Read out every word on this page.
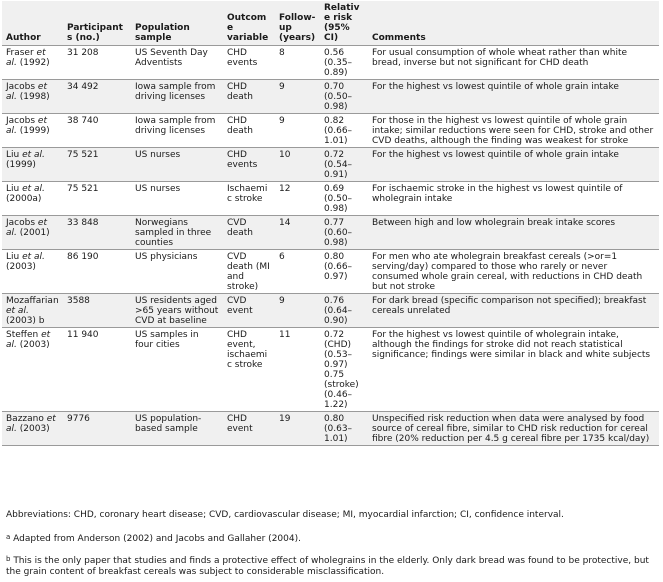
Author	Participants (no.)	Population sample	Outcome variable	Follow-up (years)	Relative risk (95% CI)	Comments
Fraser et al. (1992)	31 208	US Seventh Day Adventists	CHD events	8	0.56 (0.35–0.89)	For usual consumption of whole wheat rather than white bread, inverse but not significant for CHD death
Jacobs et al. (1998)	34 492	Iowa sample from driving licenses	CHD death	9	0.70 (0.50–0.98)	For the highest vs lowest quintile of whole grain intake
Jacobs et al. (1999)	38 740	Iowa sample from driving licenses	CHD death	9	0.82 (0.66–1.01)	For those in the highest vs lowest quintile of whole grain intake; similar reductions were seen for CHD, stroke and other CVD deaths, although the finding was weakest for stroke
Liu et al. (1999)	75 521	US nurses	CHD events	10	0.72 (0.54–0.91)	For the highest vs lowest quintile of whole grain intake
Liu et al. (2000a)	75 521	US nurses	Ischaemic stroke	12	0.69 (0.50–0.98)	For ischaemic stroke in the highest vs lowest quintile of wholegrain intake
Jacobs et al. (2001)	33 848	Norwegians sampled in three counties	CVD death	14	0.77 (0.60–0.98)	Between high and low wholegrain break intake scores
Liu et al. (2003)	86 190	US physicians	CVD death (MI and stroke)	6	0.80 (0.66–0.97)	For men who ate wholegrain breakfast cereals (>or=1 serving/day) compared to those who rarely or never consumed whole grain cereal, with reductions in CHD death but not stroke
Mozaffarian et al. (2003) b	3588	US residents aged >65 years without CVD at baseline	CVD event	9	0.76 (0.64–0.90)	For dark bread (specific comparison not specified); breakfast cereals unrelated
Steffen et al. (2003)	11 940	US samples in four cities	CHD event, ischaemic stroke	11	0.72 (CHD) (0.53–0.97) 0.75 (stroke) (0.46–1.22)	For the highest vs lowest quintile of wholegrain intake, although the findings for stroke did not reach statistical significance; findings were similar in black and white subjects
Bazzano et al. (2003)	9776	US population-based sample	CHD event	19	0.80 (0.63–1.01)	Unspecified risk reduction when data were analysed by food source of cereal fibre, similar to CHD risk reduction for cereal fibre (20% reduction per 4.5 g cereal fibre per 1735 kcal/day)

Abbreviations: CHD, coronary heart disease; CVD, cardiovascular disease; MI, myocardial infarction; CI, confidence interval.

$^a$ Adapted from Anderson (2002) and Jacobs and Gallaher (2004).

$^b$ This is the only paper that studies and finds a protective effect of wholegrains in the elderly. Only dark bread was found to be protective, but the grain content of breakfast cereals was subject to considerable misclassification.
